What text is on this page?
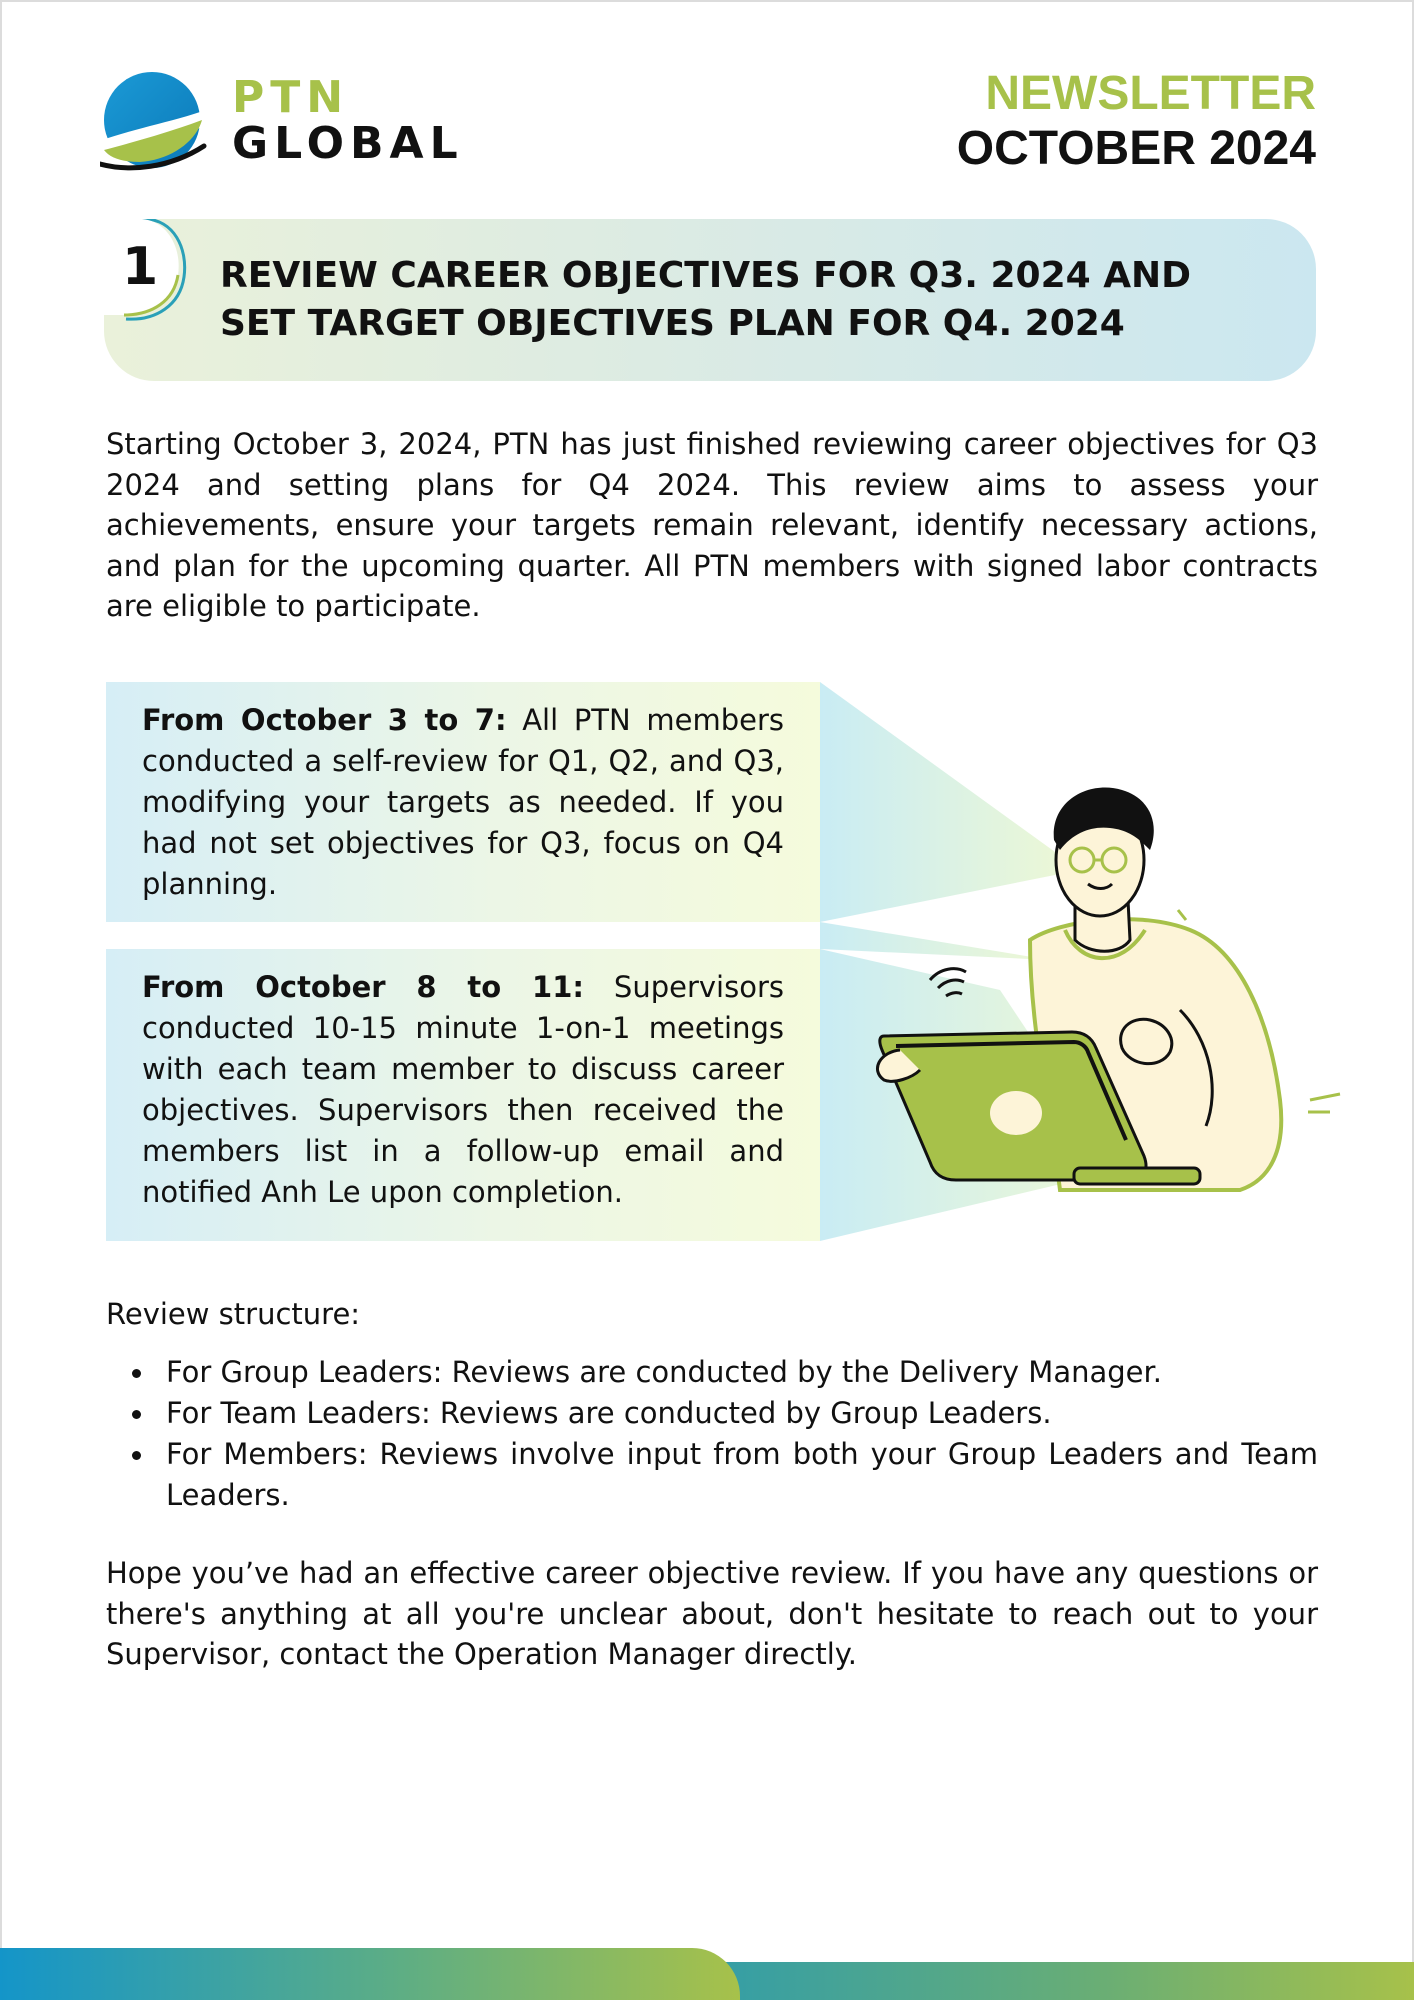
PTN
GLOBAL
NEWSLETTER
OCTOBER 2024
1 REVIEW CAREER OBJECTIVES FOR Q3. 2024 AND
SET TARGET OBJECTIVES PLAN FOR Q4. 2024

Starting October 3, 2024, PTN has just finished reviewing career objectives for Q3 2024 and setting plans for Q4 2024. This review aims to assess your achievements, ensure your targets remain relevant, identify necessary actions, and plan for the upcoming quarter. All PTN members with signed labor contracts are eligible to participate.

From October 3 to 7: All PTN members conducted a self-review for Q1, Q2, and Q3, modifying your targets as needed. If you had not set objectives for Q3, focus on Q4 planning.

From October 8 to 11: Supervisors conducted 10-15 minute 1-on-1 meetings with each team member to discuss career objectives. Supervisors then received the members list in a follow-up email and notified Anh Le upon completion.

Review structure:

For Group Leaders: Reviews are conducted by the Delivery Manager.
For Team Leaders: Reviews are conducted by Group Leaders.
For Members: Reviews involve input from both your Group Leaders and Team Leaders.

Hope you’ve had an effective career objective review. If you have any questions or there's anything at all you're unclear about, don't hesitate to reach out to your Supervisor, contact the Operation Manager directly.
